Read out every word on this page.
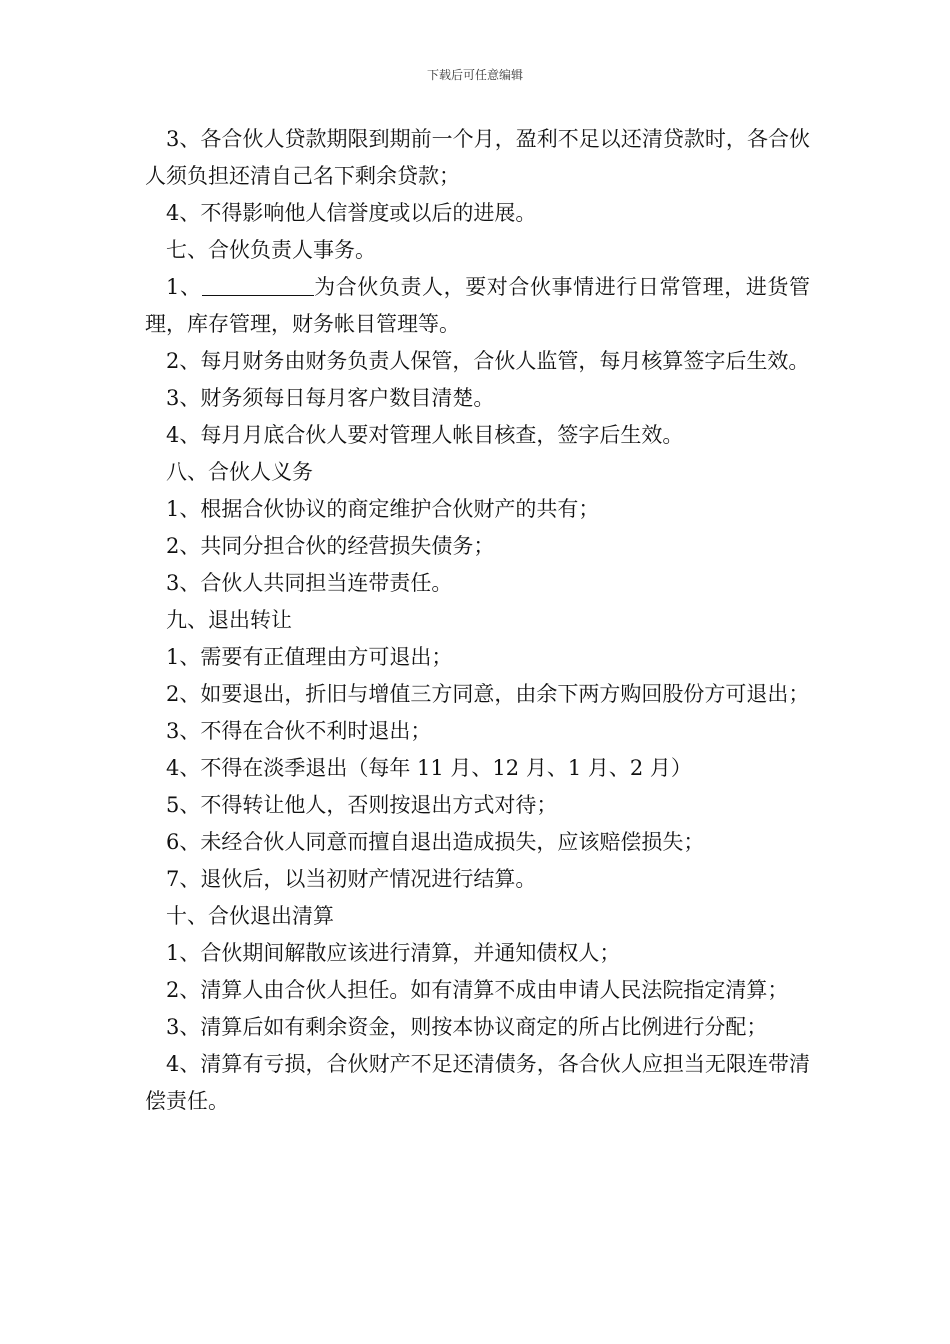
下载后可任意编辑

3、各合伙人贷款期限到期前一个月，盈利不足以还清贷款时，各合伙人须负担还清自己名下剩余贷款；

4、不得影响他人信誉度或以后的进展。

七、合伙负责人事务。

1、	为合伙负责人，要对合伙事情进行日常管理，进货管理，库存管理，财务帐目管理等。

2、每月财务由财务负责人保管，合伙人监管，每月核算签字后生效。

3、财务须每日每月客户数目清楚。

4、每月月底合伙人要对管理人帐目核查，签字后生效。

八、合伙人义务

1、根据合伙协议的商定维护合伙财产的共有；

2、共同分担合伙的经营损失债务；

3、合伙人共同担当连带责任。

九、退出转让

1、需要有正值理由方可退出；

2、如要退出，折旧与增值三方同意，由余下两方购回股份方可退出；

3、不得在合伙不利时退出；

4、不得在淡季退出（每年 11 月、12 月、1 月、2 月）

5、不得转让他人，否则按退出方式对待；

6、未经合伙人同意而擅自退出造成损失，应该赔偿损失；

7、退伙后，以当初财产情况进行结算。

十、合伙退出清算

1、合伙期间解散应该进行清算，并通知债权人；

2、清算人由合伙人担任。如有清算不成由申请人民法院指定清算；

3、清算后如有剩余资金，则按本协议商定的所占比例进行分配；

4、清算有亏损，合伙财产不足还清债务，各合伙人应担当无限连带清偿责任。
